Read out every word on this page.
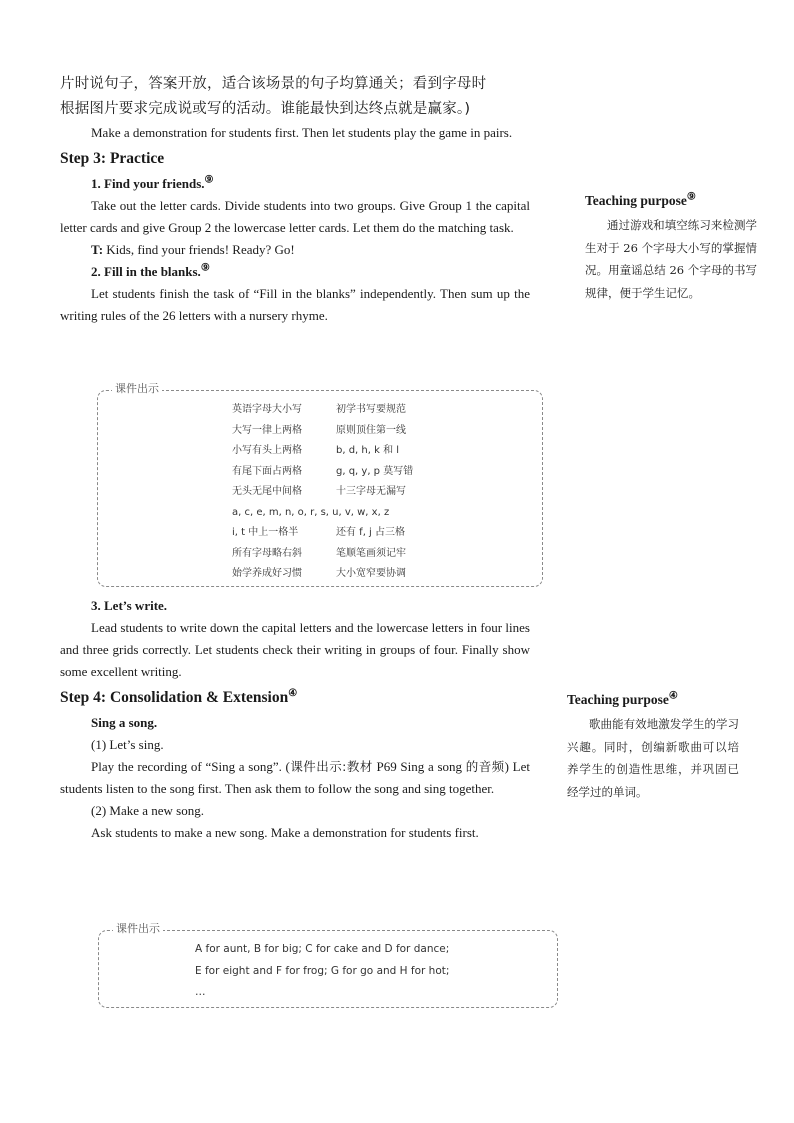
片时说句子，答案开放，适合该场景的句子均算通关；看到字母时

根据图片要求完成说或写的活动。谁能最快到达终点就是赢家。)

Make a demonstration for students first. Then let students play the game in pairs.

Step 3: Practice
1. Find your friends.⑨

Take out the letter cards. Divide students into two groups. Give Group 1 the capital letter cards and give Group 2 the lowercase letter cards. Let them do the matching task.

T: Kids, find your friends! Ready? Go!

2. Fill in the blanks.⑨

Let students finish the task of “Fill in the blanks” independently. Then sum up the writing rules of the 26 letters with a nursery rhyme.

课件出示
英语字母大小写	初学书写要规范
大写一律上两格	原则顶住第一线
小写有头上两格	b, d, h, k 和 l
有尾下面占两格	g, q, y, p 莫写错
无头无尾中间格	十三字母无漏写
a, c, e, m, n, o, r, s, u, v, w, x, z
i, t 中上一格半	还有 f, j 占三格
所有字母略右斜	笔顺笔画须记牢
始学养成好习惯	大小宽窄要协调
3. Let’s write.

Lead students to write down the capital letters and the lowercase letters in four lines and three grids correctly. Let students check their writing in groups of four. Finally show some excellent writing.

Step 4: Consolidation & Extension④
Sing a song.

(1) Let’s sing.

Play the recording of “Sing a song”. (课件出示:教材 P69 Sing a song 的音频) Let students listen to the song first. Then ask them to follow the song and sing together.

(2) Make a new song.

Ask students to make a new song. Make a demonstration for students first.

课件出示
A for aunt, B for big; C for cake and D for dance;
E for eight and F for frog; G for go and H for hot;
…
Teaching purpose⑨
通过游戏和填空练习来检测学生对于 26 个字母大小写的掌握情况。用童谣总结 26 个字母的书写规律，便于学生记忆。
Teaching purpose④
歌曲能有效地激发学生的学习兴趣。同时，创编新歌曲可以培养学生的创造性思维，并巩固已经学过的单词。
